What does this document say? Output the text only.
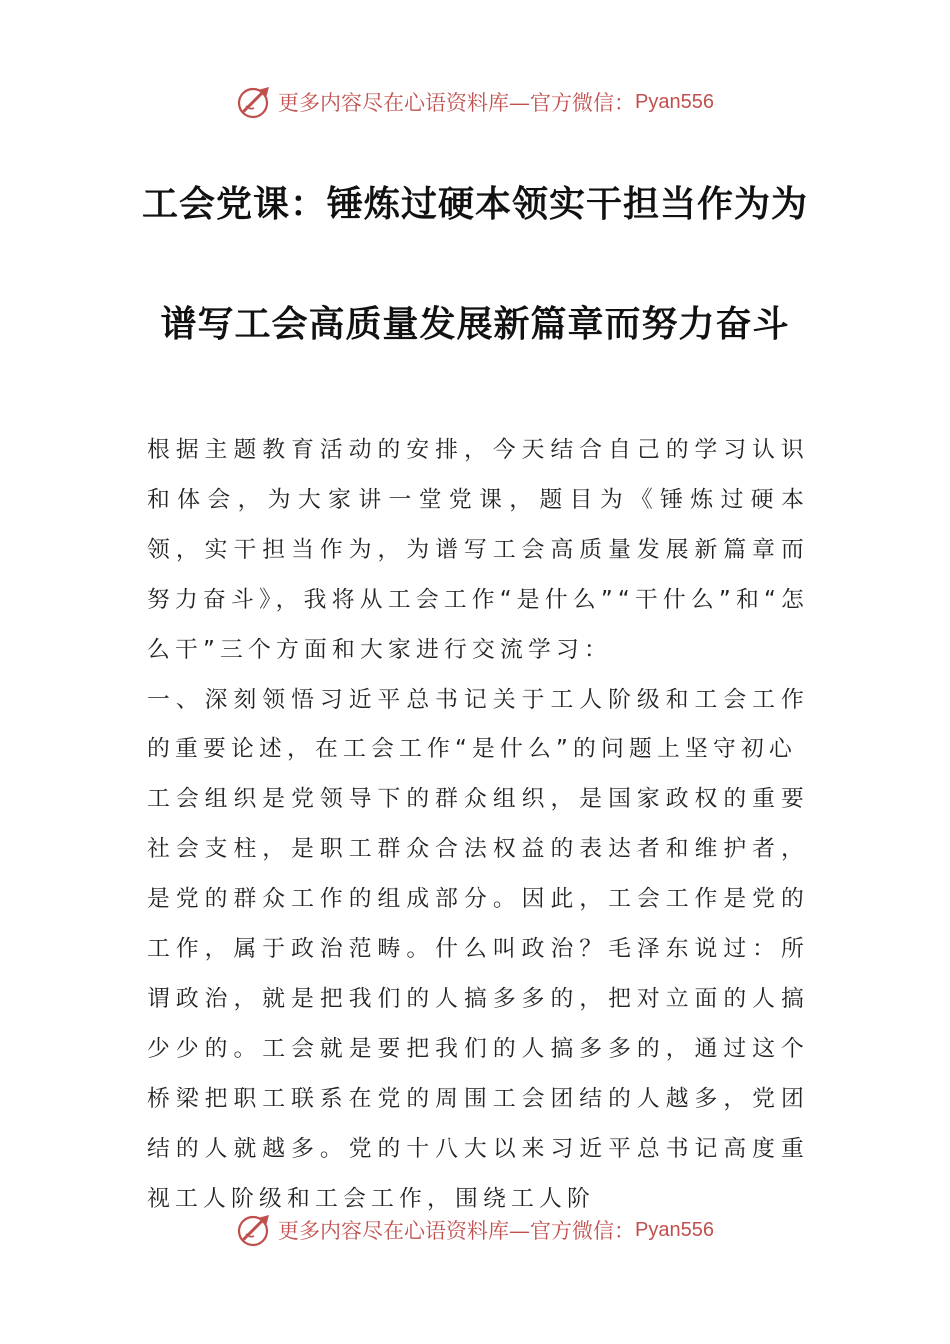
更多内容尽在心语资料库—官方微信： Pyan556
工会党课：锤炼过硬本领实干担当作为为
谱写工会高质量发展新篇章而努力奋斗

根据主题教育活动的安排，今天结合自己的学习认识和体会，为大家讲一堂党课，题目为《锤炼过硬本领，实干担当作为，为谱写工会高质量发展新篇章而努力奋斗》，我将从工会工作“是什么”“干什么”和“怎么干”三个方面和大家进行交流学习：

一、深刻领悟习近平总书记关于工人阶级和工会工作的重要论述，在工会工作“是什么”的问题上坚守初心

工会组织是党领导下的群众组织，是国家政权的重要社会支柱，是职工群众合法权益的表达者和维护者，是党的群众工作的组成部分。因此，工会工作是党的工作，属于政治范畴。什么叫政治？毛泽东说过：所谓政治，就是把我们的人搞多多的，把对立面的人搞少少的。工会就是要把我们的人搞多多的，通过这个桥梁把职工联系在党的周围工会团结的人越多，党团结的人就越多。党的十八大以来习近平总书记高度重视工人阶级和工会工作，围绕工人阶

更多内容尽在心语资料库—官方微信： Pyan556
